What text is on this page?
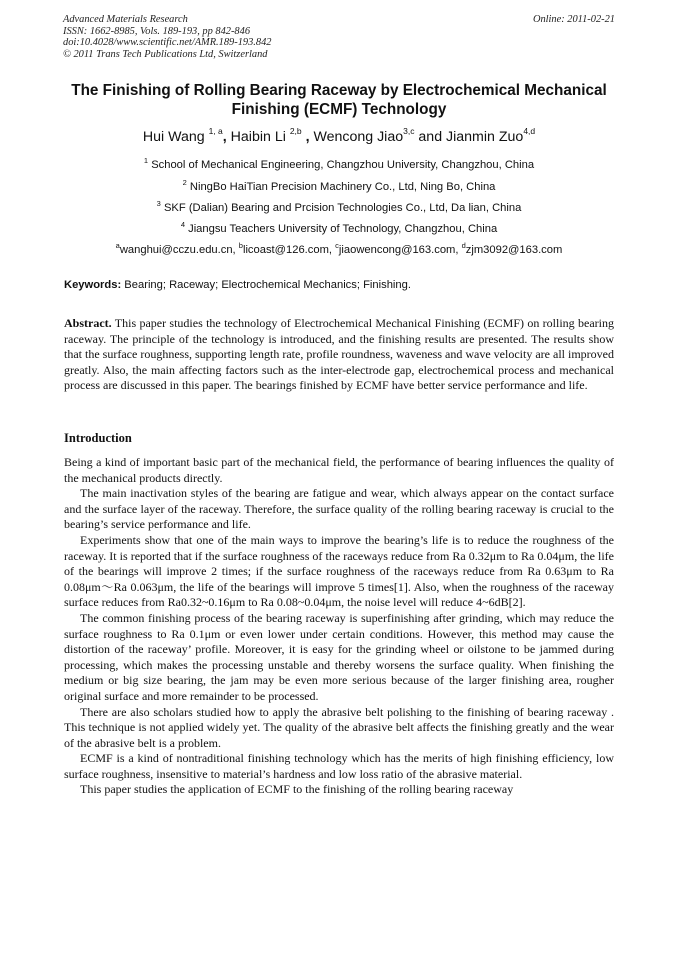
Advanced Materials Research
ISSN: 1662-8985, Vols. 189-193, pp 842-846
doi:10.4028/www.scientific.net/AMR.189-193.842
© 2011 Trans Tech Publications Ltd, Switzerland
Online: 2011-02-21
The Finishing of Rolling Bearing Raceway by Electrochemical Mechanical Finishing (ECMF) Technology
Hui Wang $^{1, a}$, Haibin Li $^{2,b}$ , Wencong Jiao$^{3,c}$ and Jianmin Zuo$^{4,d}$
$^1$ School of Mechanical Engineering, Changzhou University, Changzhou, China
$^2$ NingBo HaiTian Precision Machinery Co., Ltd, Ning Bo, China
$^3$ SKF (Dalian) Bearing and Prcision Technologies Co., Ltd, Da lian, China
$^4$ Jiangsu Teachers University of Technology, Changzhou, China
$^a$wanghui@cczu.edu.cn, $^b$licoast@126.com, $^c$jiaowencong@163.com, $^d$zjm3092@163.com
Keywords: Bearing; Raceway; Electrochemical Mechanics; Finishing.
Abstract. This paper studies the technology of Electrochemical Mechanical Finishing (ECMF) on rolling bearing raceway. The principle of the technology is introduced, and the finishing results are presented. The results show that the surface roughness, supporting length rate, profile roundness, waveness and wave velocity are all improved greatly. Also, the main affecting factors such as the inter-electrode gap, electrochemical process and mechanical process are discussed in this paper. The bearings finished by ECMF have better service performance and life.
Introduction

Being a kind of important basic part of the mechanical field, the performance of bearing influences the quality of the mechanical products directly.

The main inactivation styles of the bearing are fatigue and wear, which always appear on the contact surface and the surface layer of the raceway. Therefore, the surface quality of the rolling bearing raceway is crucial to the bearing’s service performance and life.

Experiments show that one of the main ways to improve the bearing’s life is to reduce the roughness of the raceway. It is reported that if the surface roughness of the raceways reduce from Ra 0.32μm to Ra 0.04μm, the life of the bearings will improve 2 times; if the surface roughness of the raceways reduce from Ra 0.63μm to Ra 0.08μm～Ra 0.063μm, the life of the bearings will improve 5 times[1]. Also, when the roughness of the raceway surface reduces from Ra0.32~0.16μm to Ra 0.08~0.04μm, the noise level will reduce 4~6dB[2].

The common finishing process of the bearing raceway is superfinishing after grinding, which may reduce the surface roughness to Ra 0.1μm or even lower under certain conditions. However, this method may cause the distortion of the raceway’ profile. Moreover, it is easy for the grinding wheel or oilstone to be jammed during processing, which makes the processing unstable and thereby worsens the surface quality. When finishing the medium or big size bearing, the jam may be even more serious because of the larger finishing area, rougher original surface and more remainder to be processed.

There are also scholars studied how to apply the abrasive belt polishing to the finishing of bearing raceway . This technique is not applied widely yet. The quality of the abrasive belt affects the finishing greatly and the wear of the abrasive belt is a problem.

ECMF is a kind of nontraditional finishing technology which has the merits of high finishing efficiency, low surface roughness, insensitive to material’s hardness and low loss ratio of the abrasive material.

This paper studies the application of ECMF to the finishing of the rolling bearing raceway
